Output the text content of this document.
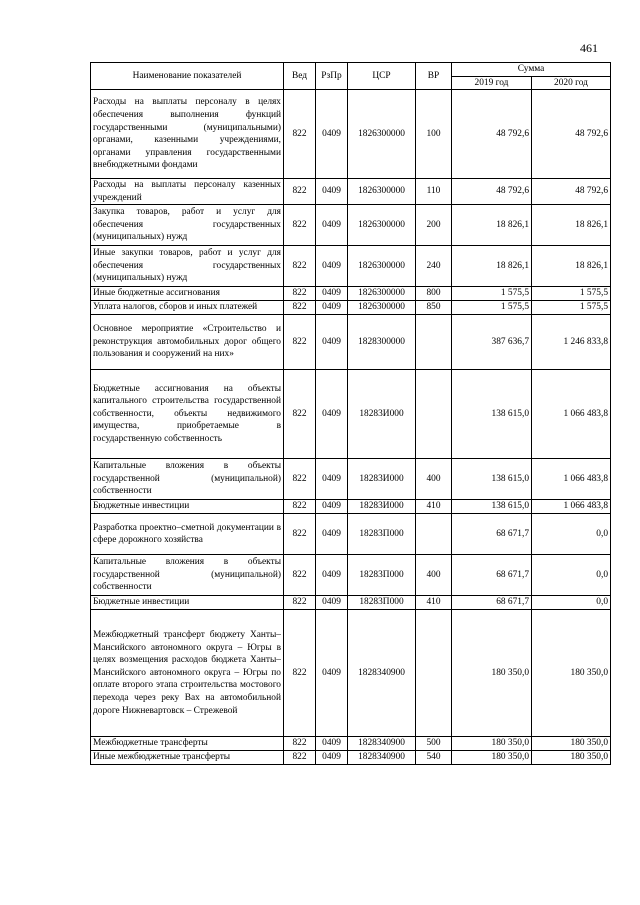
461
Наименование показателей	Вед	РзПр	ЦСР	ВР	Сумма	
					2019 год	2020 год
Расходы на выплаты персоналу в целях обеспечения выполнения функций государственными (муниципальными) органами, казенными учреждениями, органами управления государственными внебюджетными фондами	822	0409	1826300000	100	48 792,6	48 792,6
Расходы на выплаты персоналу казенных учреждений	822	0409	1826300000	110	48 792,6	48 792,6
Закупка товаров, работ и услуг для обеспечения государственных (муниципальных) нужд	822	0409	1826300000	200	18 826,1	18 826,1
Иные закупки товаров, работ и услуг для обеспечения государственных (муниципальных) нужд	822	0409	1826300000	240	18 826,1	18 826,1
Иные бюджетные ассигнования	822	0409	1826300000	800	1 575,5	1 575,5
Уплата налогов, сборов и иных платежей	822	0409	1826300000	850	1 575,5	1 575,5
Основное мероприятие «Строительство и реконструкция автомобильных дорог общего пользования и сооружений на них»	822	0409	1828300000		387 636,7	1 246 833,8
Бюджетные ассигнования на объекты капитального строительства государственной собственности, объекты недвижимого имущества, приобретаемые в государственную собственность	822	0409	18283И000		138 615,0	1 066 483,8
Капитальные вложения в объекты государственной (муниципальной) собственности	822	0409	18283И000	400	138 615,0	1 066 483,8
Бюджетные инвестиции	822	0409	18283И000	410	138 615,0	1 066 483,8
Разработка проектно–сметной документации в сфере дорожного хозяйства	822	0409	18283П000		68 671,7	0,0
Капитальные вложения в объекты государственной (муниципальной) собственности	822	0409	18283П000	400	68 671,7	0,0
Бюджетные инвестиции	822	0409	18283П000	410	68 671,7	0,0
Межбюджетный трансферт бюджету Ханты–Мансийского автономного округа – Югры в целях возмещения расходов бюджета Ханты–Мансийского автономного округа – Югры по оплате второго этапа строительства мостового перехода через реку Вах на автомобильной дороге Нижневартовск – Стрежевой	822	0409	1828340900		180 350,0	180 350,0
Межбюджетные трансферты	822	0409	1828340900	500	180 350,0	180 350,0
Иные межбюджетные трансферты	822	0409	1828340900	540	180 350,0	180 350,0
